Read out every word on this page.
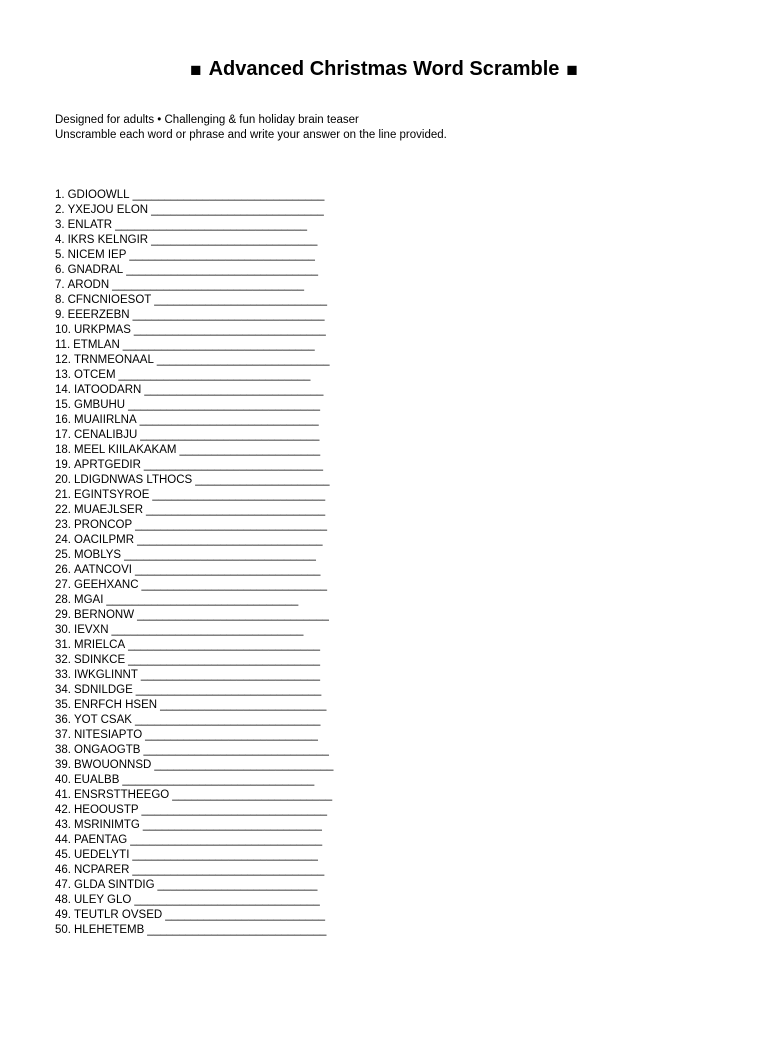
■ Advanced Christmas Word Scramble ■

Designed for adults • Challenging & fun holiday brain teaser

Unscramble each word or phrase and write your answer on the line provided.

1. GDIOOWLL ______________________________
2. YXEJOU ELON ___________________________
3. ENLATR ______________________________
4. IKRS KELNGIR __________________________
5. NICEM IEP _____________________________
6. GNADRAL ______________________________
7. ARODN ______________________________
8. CFNCNIOESOT ___________________________
9. EEERZEBN ______________________________
10. URKPMAS ______________________________
11. ETMLAN ______________________________
12. TRNMEONAAL ___________________________
13. OTCEM ______________________________
14. IATOODARN ____________________________
15. GMBUHU ______________________________
16. MUAIIRLNA ____________________________
17. CENALIBJU ____________________________
18. MEEL KIILAKAKAM ______________________
19. APRTGEDIR ____________________________
20. LDIGDNWAS LTHOCS _____________________
21. EGINTSYROE ___________________________
22. MUAEJLSER ____________________________
23. PRONCOP ______________________________
24. OACILPMR _____________________________
25. MOBLYS ______________________________
26. AATNCOVI _____________________________
27. GEEHXANC _____________________________
28. MGAI ______________________________
29. BERNONW ______________________________
30. IEVXN ______________________________
31. MRIELCA ______________________________
32. SDINKCE ______________________________
33. IWKGLINNT ____________________________
34. SDNILDGE _____________________________
35. ENRFCH HSEN __________________________
36. YOT CSAK _____________________________
37. NITESIAPTO ___________________________
38. ONGAOGTB _____________________________
39. BWOUONNSD ____________________________
40. EUALBB ______________________________
41. ENSRSTTHEEGO _________________________
42. HEOOUSTP _____________________________
43. MSRINIMTG ____________________________
44. PAENTAG ______________________________
45. UEDELYTI _____________________________
46. NCPARER ______________________________
47. GLDA SINTDIG _________________________
48. ULEY GLO _____________________________
49. TEUTLR OVSED _________________________
50. HLEHETEMB ____________________________
